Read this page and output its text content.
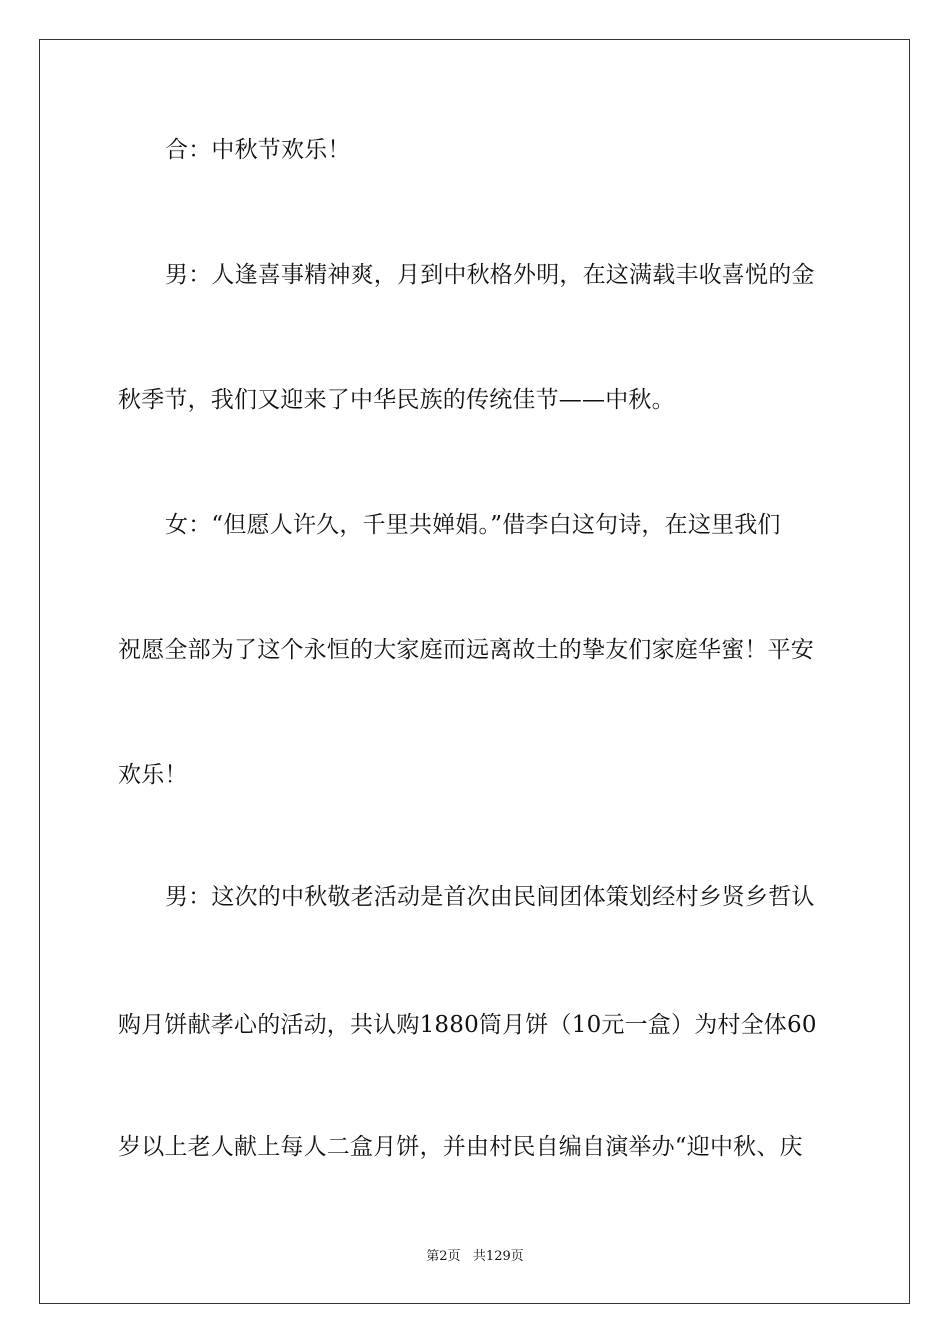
合：中秋节欢乐！
男：人逢喜事精神爽，月到中秋格外明，在这满载丰收喜悦的金
秋季节，我们又迎来了中华民族的传统佳节——中秋。
女：“但愿人许久，千里共婵娟。”借李白这句诗，在这里我们
祝愿全部为了这个永恒的大家庭而远离故土的挚友们家庭华蜜！平安
欢乐！
男：这次的中秋敬老活动是首次由民间团体策划经村乡贤乡哲认
购月饼献孝心的活动，共认购1880筒月饼（10元一盒）为村全体60
岁以上老人献上每人二盒月饼，并由村民自编自演举办“迎中秋、庆
第2页 共129页
